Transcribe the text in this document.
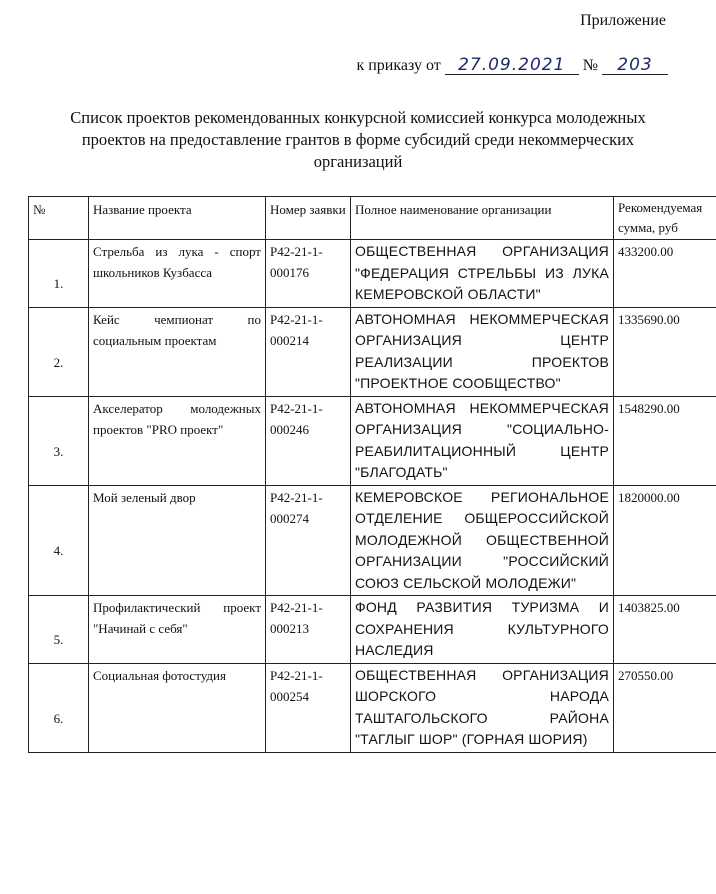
Приложение
к приказу от	27.09.2021	№	203
Список проектов рекомендованных конкурсной комиссией конкурса молодежных проектов на предоставление грантов в форме субсидий среди некоммерческих организаций
№	Название проекта	Номер заявки	Полное наименование организации	Рекомендуемая сумма, руб
1.	Стрельба из лука - спорт школьников Кузбасса	Р42-21-1-000176	ОБЩЕСТВЕННАЯ ОРГАНИЗАЦИЯ "ФЕДЕРАЦИЯ СТРЕЛЬБЫ ИЗ ЛУКА КЕМЕРОВСКОЙ ОБЛАСТИ"	433200.00
2.	Кейс чемпионат по социальным проектам	Р42-21-1-000214	АВТОНОМНАЯ НЕКОММЕРЧЕСКАЯ ОРГАНИЗАЦИЯ ЦЕНТР РЕАЛИЗАЦИИ ПРОЕКТОВ "ПРОЕКТНОЕ СООБЩЕСТВО"	1335690.00
3.	Акселератор молодежных проектов "PRO проект"	Р42-21-1-000246	АВТОНОМНАЯ НЕКОММЕРЧЕСКАЯ ОРГАНИЗАЦИЯ "СОЦИАЛЬНО-РЕАБИЛИТАЦИОННЫЙ ЦЕНТР "БЛАГОДАТЬ"	1548290.00
4.	Мой зеленый двор	Р42-21-1-000274	КЕМЕРОВСКОЕ РЕГИОНАЛЬНОЕ ОТДЕЛЕНИЕ ОБЩЕРОССИЙСКОЙ МОЛОДЕЖНОЙ ОБЩЕСТВЕННОЙ ОРГАНИЗАЦИИ "РОССИЙСКИЙ СОЮЗ СЕЛЬСКОЙ МОЛОДЕЖИ"	1820000.00
5.	Профилактический проект "Начинай с себя"	Р42-21-1-000213	ФОНД РАЗВИТИЯ ТУРИЗМА И СОХРАНЕНИЯ КУЛЬТУРНОГО НАСЛЕДИЯ	1403825.00
6.	Социальная фотостудия	Р42-21-1-000254	ОБЩЕСТВЕННАЯ ОРГАНИЗАЦИЯ ШОРСКОГО НАРОДА ТАШТАГОЛЬСКОГО РАЙОНА "ТАГЛЫГ ШОР" (ГОРНАЯ ШОРИЯ)	270550.00
